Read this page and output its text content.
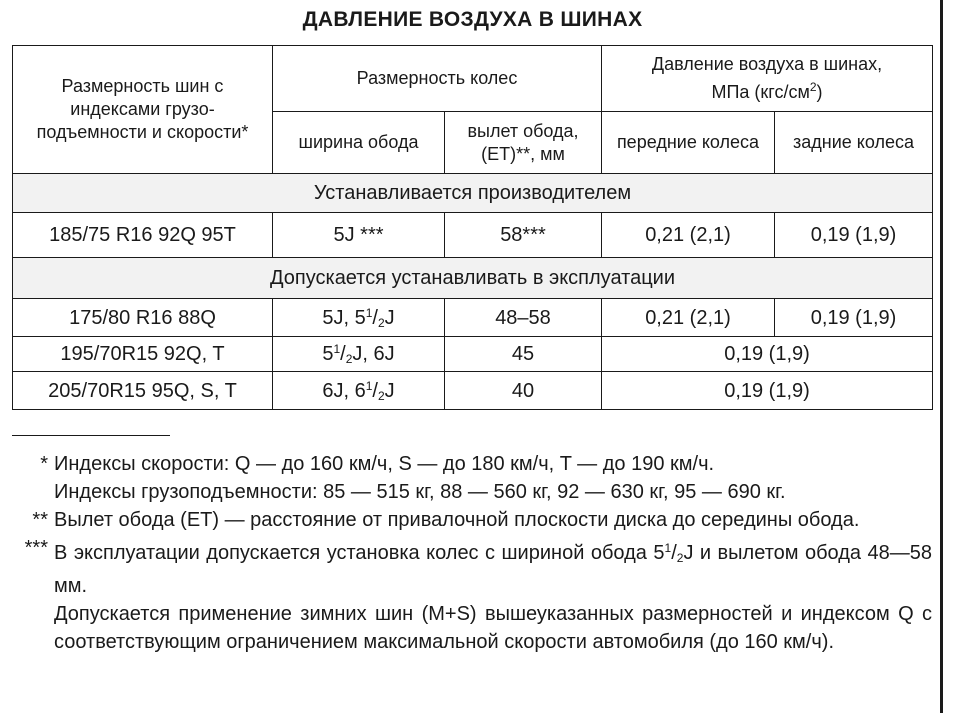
ДАВЛЕНИЕ ВОЗДУХА В ШИНАХ
Размерность шин с индексами грузо-подъемности и скорости*	Размерность колес		Давление воздуха в шинах,
МПа $(кгс/см^2)$	
	ширина обода	вылет обода, (ET)**, мм	передние колеса	задние колеса
Устанавливается производителем				
185/75 R16 92Q 95T	5J ***	58***	0,21 (2,1)	0,19 (1,9)
Допускается устанавливать в эксплуатации				
175/80 R16 88Q	5J, $5^1/_2J$	48–58	0,21 (2,1)	0,19 (1,9)
195/70R15 92Q, T	$5^1/_2J$, 6J	45	0,19 (1,9)	
205/70R15 95Q, S, T	6J, $6^1/_2J$	40	0,19 (1,9)	
* Индексы скорости: Q — до 160 км/ч, S — до 180 км/ч, T — до 190 км/ч.
Индексы грузоподъемности: 85 — 515 кг, 88 — 560 кг, 92 — 630 кг, 95 — 690 кг.
** Вылет обода (ET) — расстояние от привалочной плоскости диска до середины обода.
*** В эксплуатации допускается установка колес с шириной обода $5^1/_2J$ и вылетом обода 48—58 мм.
Допускается применение зимних шин (M+S) вышеуказанных размерностей и индексом Q с соответствующим ограничением максимальной скорости автомобиля (до 160 км/ч).
